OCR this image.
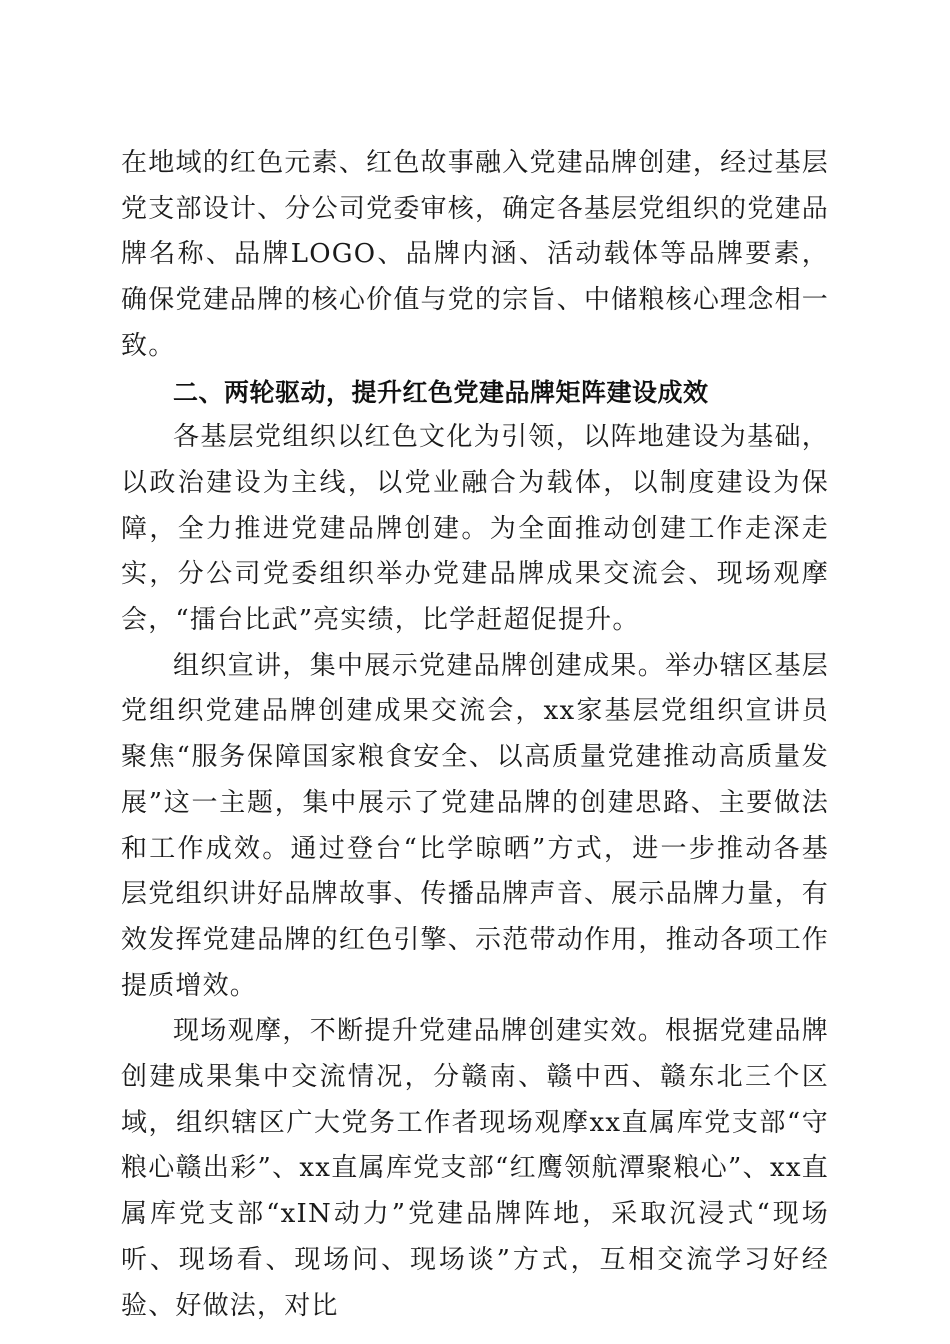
在地域的红色元素、红色故事融入党建品牌创建，经过基层党支部设计、分公司党委审核，确定各基层党组织的党建品牌名称、品牌LOGO、品牌内涵、活动载体等品牌要素，确保党建品牌的核心价值与党的宗旨、中储粮核心理念相一致。

二、两轮驱动，提升红色党建品牌矩阵建设成效

各基层党组织以红色文化为引领，以阵地建设为基础，以政治建设为主线，以党业融合为载体，以制度建设为保障，全力推进党建品牌创建。为全面推动创建工作走深走实，分公司党委组织举办党建品牌成果交流会、现场观摩会，“擂台比武”亮实绩，比学赶超促提升。

组织宣讲，集中展示党建品牌创建成果。举办辖区基层党组织党建品牌创建成果交流会，xx家基层党组织宣讲员聚焦“服务保障国家粮食安全、以高质量党建推动高质量发展”这一主题，集中展示了党建品牌的创建思路、主要做法和工作成效。通过登台“比学晾晒”方式，进一步推动各基层党组织讲好品牌故事、传播品牌声音、展示品牌力量，有效发挥党建品牌的红色引擎、示范带动作用，推动各项工作提质增效。

现场观摩，不断提升党建品牌创建实效。根据党建品牌创建成果集中交流情况，分赣南、赣中西、赣东北三个区域，组织辖区广大党务工作者现场观摩xx直属库党支部“守粮心赣出彩”、xx直属库党支部“红鹰领航潭聚粮心”、xx直属库党支部“xIN动力”党建品牌阵地，采取沉浸式“现场听、现场看、现场问、现场谈”方式，互相交流学习好经验、好做法，对比
